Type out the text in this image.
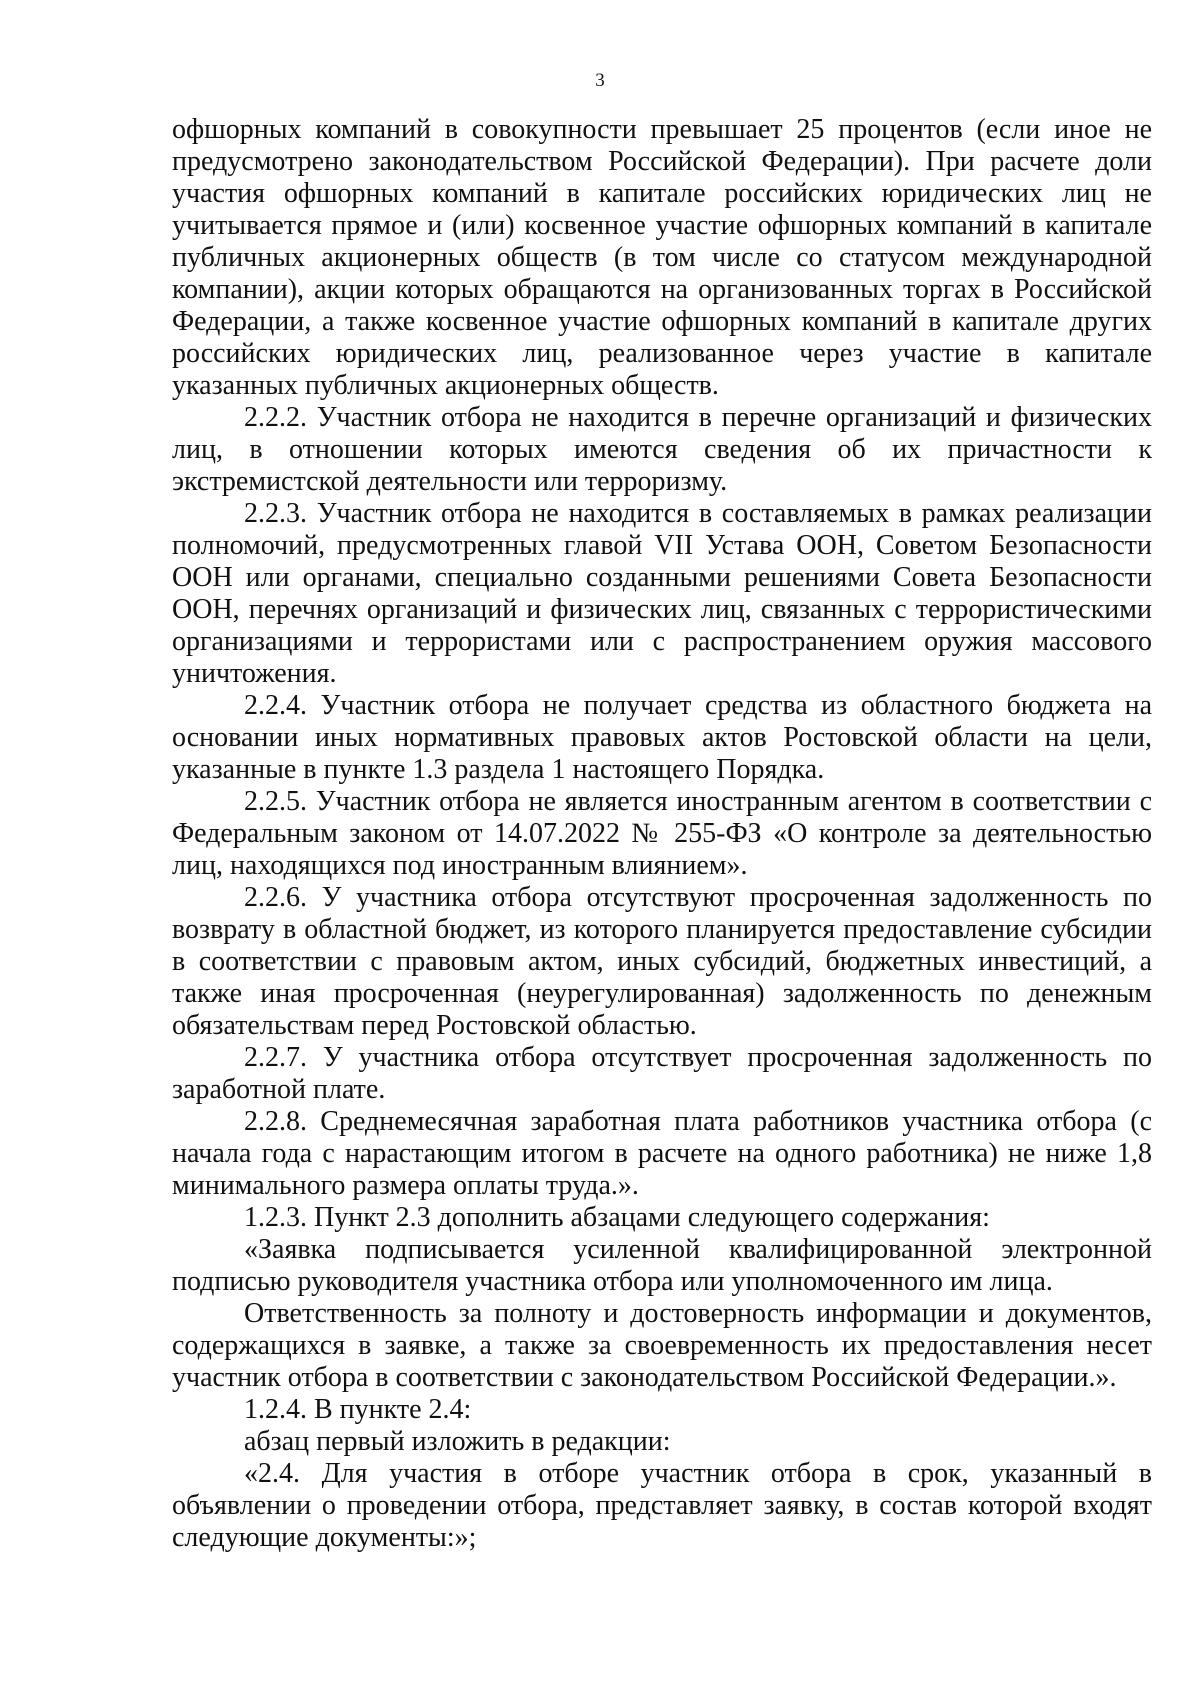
3

офшорных компаний в совокупности превышает 25 процентов (если иное не предусмотрено законодательством Российской Федерации). При расчете доли участия офшорных компаний в капитале российских юридических лиц не учитывается прямое и (или) косвенное участие офшорных компаний в капитале публичных акционерных обществ (в том числе со статусом международной компании), акции которых обращаются на организованных торгах в Российской Федерации, а также косвенное участие офшорных компаний в капитале других российских юридических лиц, реализованное через участие в капитале указанных публичных акционерных обществ.

2.2.2. Участник отбора не находится в перечне организаций и физических лиц, в отношении которых имеются сведения об их причастности к экстремистской деятельности или терроризму.

2.2.3. Участник отбора не находится в составляемых в рамках реализации полномочий, предусмотренных главой VII Устава ООН, Советом Безопасности ООН или органами, специально созданными решениями Совета Безопасности ООН, перечнях организаций и физических лиц, связанных с террористическими организациями и террористами или с распространением оружия массового уничтожения.

2.2.4. Участник отбора не получает средства из областного бюджета на основании иных нормативных правовых актов Ростовской области на цели, указанные в пункте 1.3 раздела 1 настоящего Порядка.

2.2.5. Участник отбора не является иностранным агентом в соответствии с Федеральным законом от 14.07.2022 № 255-ФЗ «О контроле за деятельностью лиц, находящихся под иностранным влиянием».

2.2.6. У участника отбора отсутствуют просроченная задолженность по возврату в областной бюджет, из которого планируется предоставление субсидии в соответствии с правовым актом, иных субсидий, бюджетных инвестиций, а также иная просроченная (неурегулированная) задолженность по денежным обязательствам перед Ростовской областью.

2.2.7. У участника отбора отсутствует просроченная задолженность по заработной плате.

2.2.8. Среднемесячная заработная плата работников участника отбора (с начала года с нарастающим итогом в расчете на одного работника) не ниже 1,8 минимального размера оплаты труда.».

1.2.3. Пункт 2.3 дополнить абзацами следующего содержания:

«Заявка подписывается усиленной квалифицированной электронной подписью руководителя участника отбора или уполномоченного им лица.

Ответственность за полноту и достоверность информации и документов, содержащихся в заявке, а также за своевременность их предоставления несет участник отбора в соответствии с законодательством Российской Федерации.».

1.2.4. В пункте 2.4:

абзац первый изложить в редакции:

«2.4. Для участия в отборе участник отбора в срок, указанный в объявлении о проведении отбора, представляет заявку, в состав которой входят следующие документы:»;
